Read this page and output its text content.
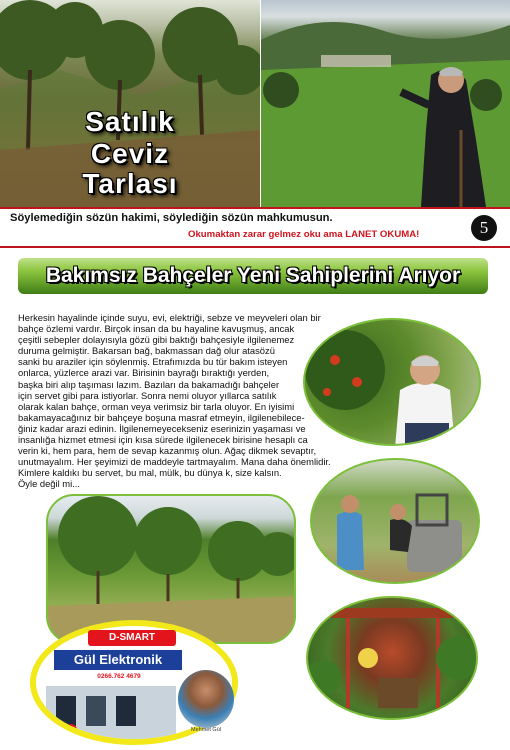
Satılık
Ceviz
Tarlası
Söylemediğin sözün hakimi, söylediğin sözün mahkumusun.
Okumaktan zarar gelmez oku ama LANET OKUMA!	5
Bakımsız Bahçeler Yeni Sahiplerini Arıyor

Herkesin hayalinde içinde suyu, evi, elektriği, sebze ve meyveleri olan bir

bahçe özlemi vardır. Birçok insan da bu hayaline kavuşmuş, ancak

çeşitli sebepler dolayısıyla gözü gibi baktığı bahçesiyle ilgilenemez

duruma gelmiştir. Bakarsan bağ, bakmassan dağ olur atasözü

sanki bu araziler için söylenmiş. Etrafımızda bu tür bakım isteyen

onlarca, yüzlerce arazi var. Birisinin bayrağı bıraktığı yerden,

başka biri alıp taşıması lazım. Bazıları da bakamadığı bahçeler

için servet gibi para istiyorlar. Sonra nemi oluyor yıllarca satılık

olarak kalan bahçe, orman veya verimsiz bir tarla oluyor. En iyisimi

bakamayacağınız bir bahçeye boşuna masraf etmeyin, ilgilenebilece-

ğiniz kadar arazi edinin. İlgilenemeyecekseniz eserinizin yaşaması ve

insanlığa hizmet etmesi için kısa sürede ilgilenecek birisine hesaplı ca

verin ki, hem para, hem de sevap kazanmış olun. Ağaç dikmek sevaptır,

unutmayalım. Her şeyimizi de maddeyle tartmayalım. Mana daha önemlidir.

Kimlere kaldıkı bu servet, bu mal, mülk, bu dünya k, size kalsın.

Öyle değil mi...

D-SMART
Gül Elektronik
0266.762 4679
Mehmet Gül
